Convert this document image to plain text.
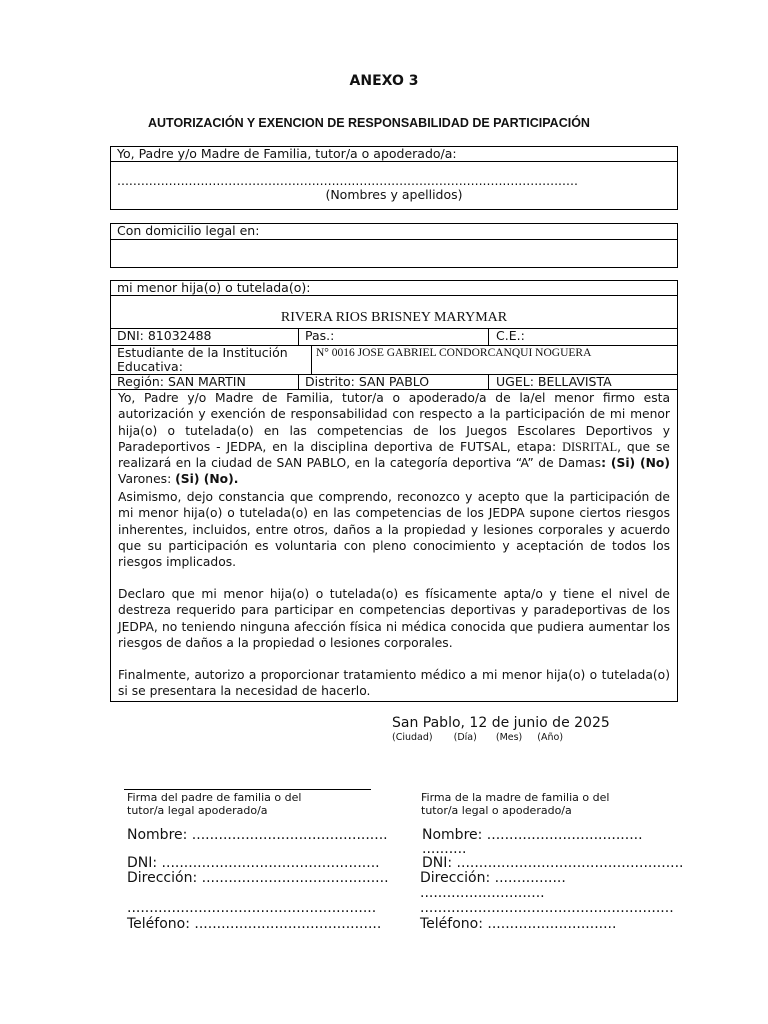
ANEXO 3
AUTORIZACIÓN Y EXENCION DE RESPONSABILIDAD DE PARTICIPACIÓN
Yo, Padre y/o Madre de Familia, tutor/a o apoderado/a:
....................................................................................................................
(Nombres y apellidos)
Con domicilio legal en:
mi menor hija(o) o tutelada(o):
RIVERA RIOS BRISNEY MARYMAR
DNI: 81032488	Pas.:	C.E.:
Estudiante de la Institución Educativa:
N° 0016 JOSE GABRIEL CONDORCANQUI NOGUERA
Región: SAN MARTIN	Distrito: SAN PABLO	UGEL: BELLAVISTA
Yo, Padre y/o Madre de Familia, tutor/a o apoderado/a de la/el menor firmo esta autorización y exención de responsabilidad con respecto a la participación de mi menor hija(o) o tutelada(o) en las competencias de los Juegos Escolares Deportivos y Paradeportivos - JEDPA, en la disciplina deportiva de FUTSAL, etapa: DISRITAL, que se realizará en la ciudad de SAN PABLO, en la categoría deportiva “A” de Damas: (Si) (No) Varones: (Si) (No).
Asimismo, dejo constancia que comprendo, reconozco y acepto que la participación de mi menor hija(o) o tutelada(o) en las competencias de los JEDPA supone ciertos riesgos inherentes, incluidos, entre otros, daños a la propiedad y lesiones corporales y acuerdo que su participación es voluntaria con pleno conocimiento y aceptación de todos los riesgos implicados.
Declaro que mi menor hija(o) o tutelada(o) es físicamente apta/o y tiene el nivel de destreza requerido para participar en competencias deportivas y paradeportivas de los JEDPA, no teniendo ninguna afección física ni médica conocida que pudiera aumentar los riesgos de daños a la propiedad o lesiones corporales.
Finalmente, autorizo a proporcionar tratamiento médico a mi menor hija(o) o tutelada(o) si se presentara la necesidad de hacerlo.
San Pablo, 12 de junio de 2025
(Ciudad) (Día) (Mes) (Año)
Firma del padre de familia o del
tutor/a legal apoderado/a
Nombre: ............................................
DNI: .................................................
Dirección: ..........................................
........................................................
Teléfono: ..........................................
Firma de la madre de familia o del
tutor/a legal o apoderado/a
Nombre: ...................................
..........
DNI: ...................................................
Dirección: ................
............................
.........................................................
Teléfono: .............................
